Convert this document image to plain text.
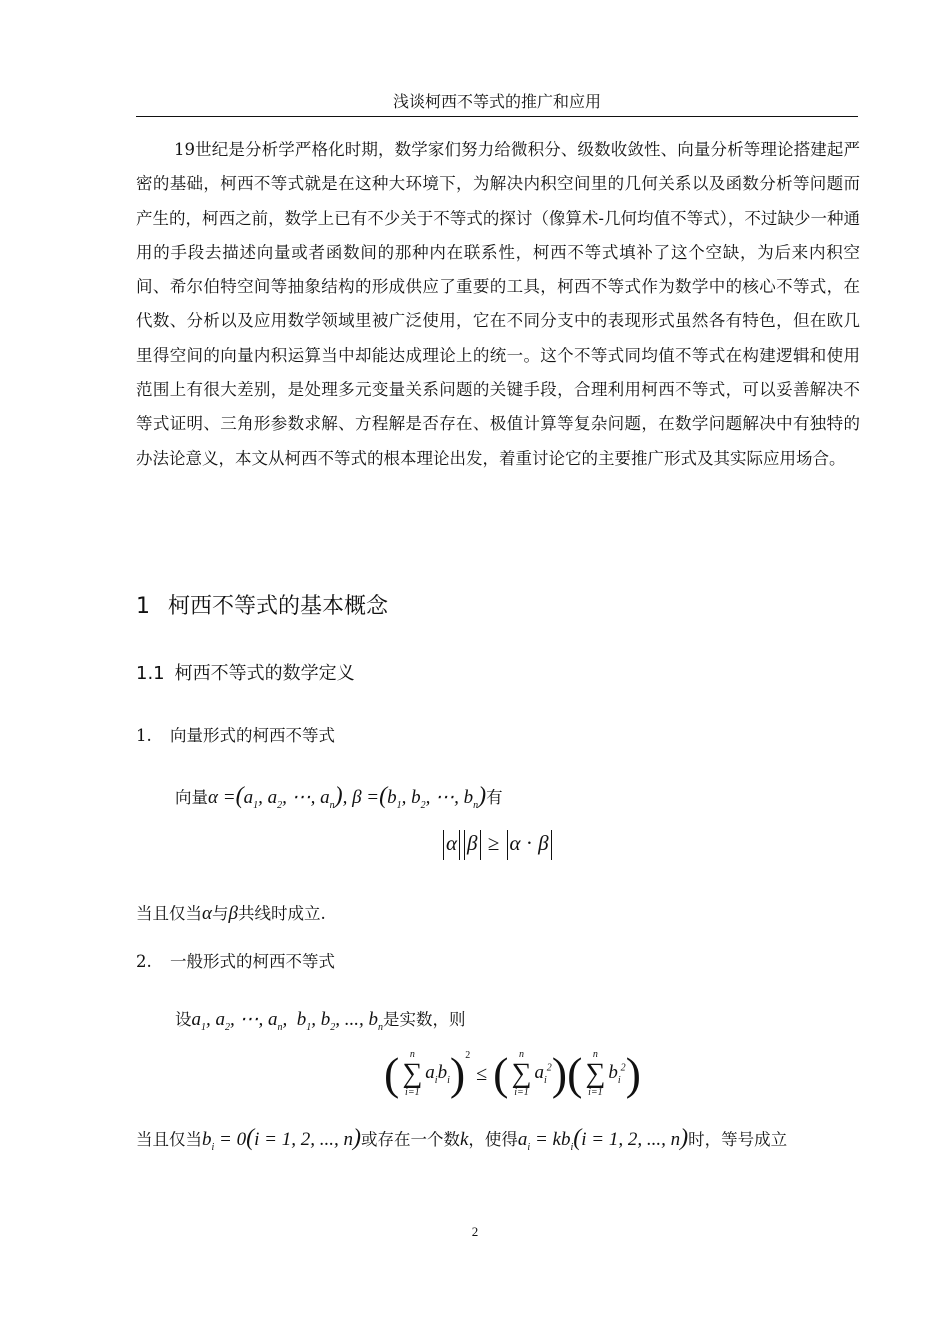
浅谈柯西不等式的推广和应用

19世纪是分析学严格化时期，数学家们努力给微积分、级数收敛性、向量分析等理论搭建起严密的基础，柯西不等式就是在这种大环境下，为解决内积空间里的几何关系以及函数分析等问题而产生的，柯西之前，数学上已有不少关于不等式的探讨（像算术-几何均值不等式），不过缺少一种通用的手段去描述向量或者函数间的那种内在联系性，柯西不等式填补了这个空缺，为后来内积空间、希尔伯特空间等抽象结构的形成供应了重要的工具，柯西不等式作为数学中的核心不等式，在代数、分析以及应用数学领域里被广泛使用，它在不同分支中的表现形式虽然各有特色，但在欧几里得空间的向量内积运算当中却能达成理论上的统一。这个不等式同均值不等式在构建逻辑和使用范围上有很大差别，是处理多元变量关系问题的关键手段，合理利用柯西不等式，可以妥善解决不等式证明、三角形参数求解、方程解是否存在、极值计算等复杂问题，在数学问题解决中有独特的办法论意义，本文从柯西不等式的根本理论出发，着重讨论它的主要推广形式及其实际应用场合。

1 柯西不等式的基本概念
1.1 柯西不等式的数学定义
1. 向量形式的柯西不等式
向量$\alpha =(a_1$, $a_2$, ⋯, $a_n$), $\beta =(b_1$, $b_2$, ⋯, $b_n$)有
α β ≥ α · β
当且仅当α与β共线时成立.
2. 一般形式的柯西不等式
设$a_1$, $a_2$, ⋯, $a_n$,  $b_1$, $b_2$, ..., $b_n$是实数，则
( n
∑
i=1
$a_ib_i$ )$^2$
≤ ( n
∑
i=1
$a_i^2$ ) ( n
∑
i=1
$b_i^2$ )
当且仅当$b_i = 0(i = 1$, 2, ..., n)或存在一个数k，使得$a_i = kb_i(i = 1$, 2, ..., n)时，等号成立
2
